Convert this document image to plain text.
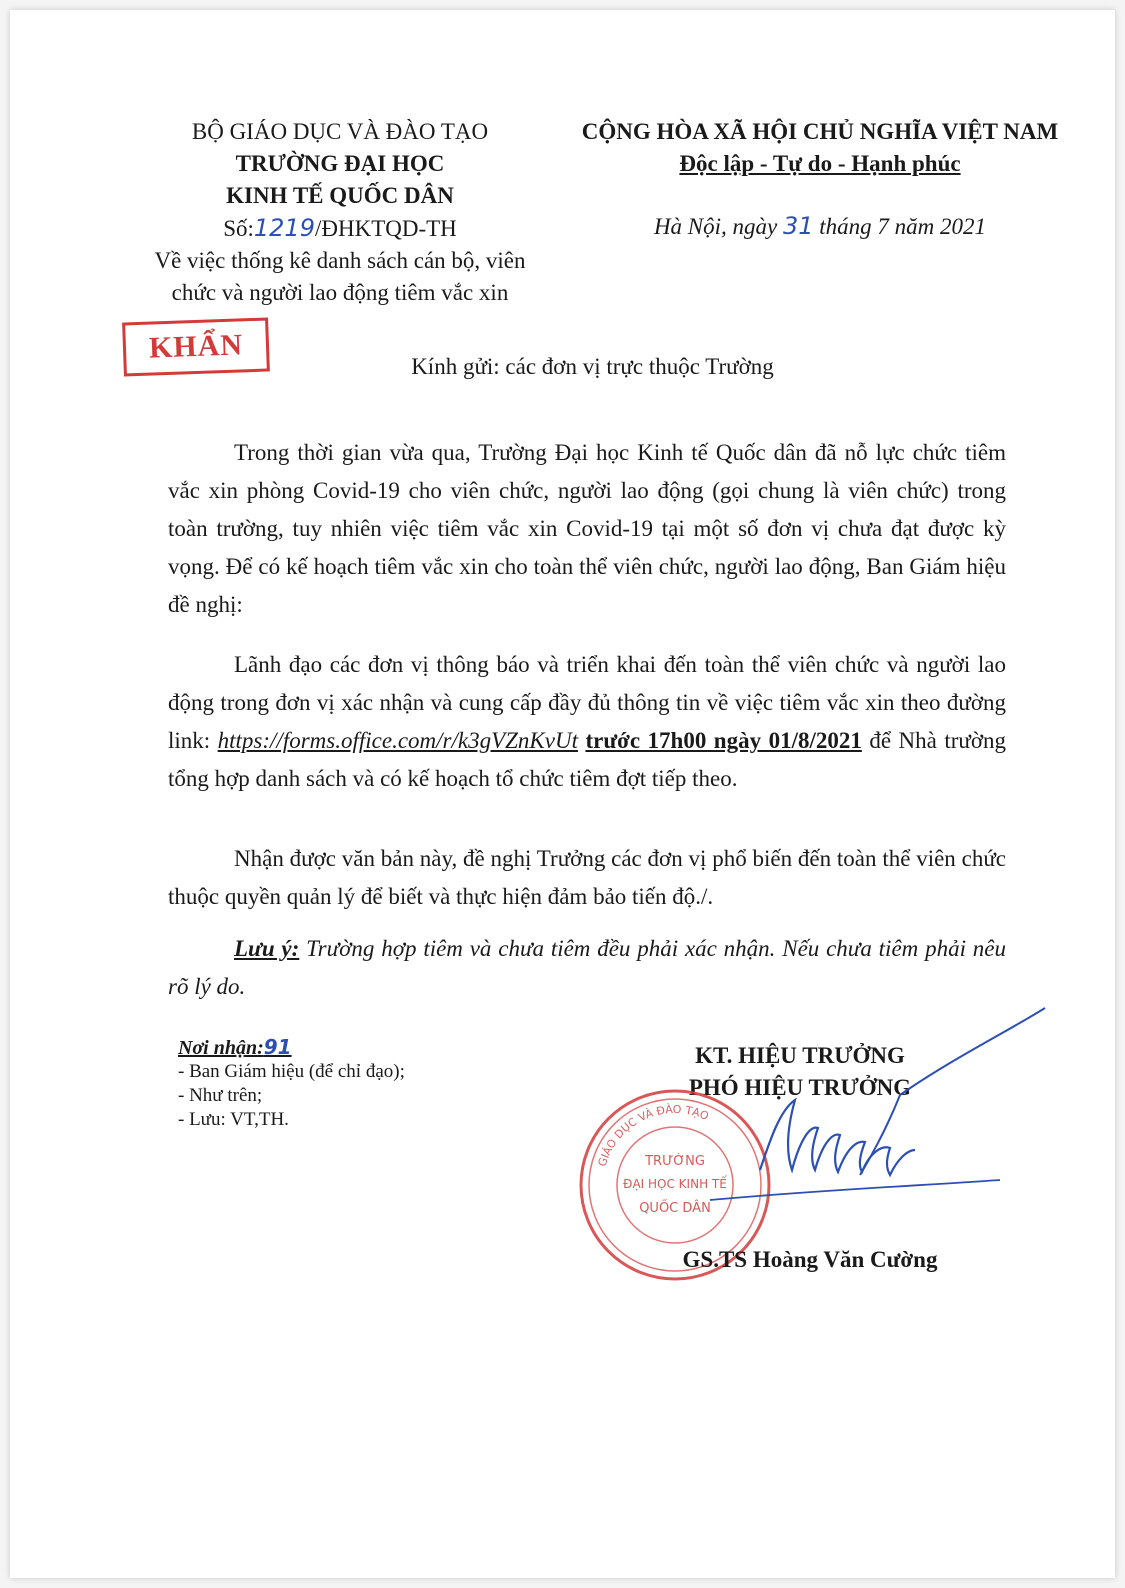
BỘ GIÁO DỤC VÀ ĐÀO TẠO
TRƯỜNG ĐẠI HỌC
KINH TẾ QUỐC DÂN
Số:1219/ĐHKTQD-TH
Về việc thống kê danh sách cán bộ, viên
chức và người lao động tiêm vắc xin
CỘNG HÒA XÃ HỘI CHỦ NGHĨA VIỆT NAM
Độc lập - Tự do - Hạnh phúc
Hà Nội, ngày 31 tháng 7 năm 2021
KHẨN
Kính gửi: các đơn vị trực thuộc Trường
Trong thời gian vừa qua, Trường Đại học Kinh tế Quốc dân đã nỗ lực chức tiêm vắc xin phòng Covid-19 cho viên chức, người lao động (gọi chung là viên chức) trong toàn trường, tuy nhiên việc tiêm vắc xin Covid-19 tại một số đơn vị chưa đạt được kỳ vọng. Để có kế hoạch tiêm vắc xin cho toàn thể viên chức, người lao động, Ban Giám hiệu đề nghị:
Lãnh đạo các đơn vị thông báo và triển khai đến toàn thể viên chức và người lao động trong đơn vị xác nhận và cung cấp đầy đủ thông tin về việc tiêm vắc xin theo đường link: https://forms.office.com/r/k3gVZnKvUt trước 17h00 ngày 01/8/2021 để Nhà trường tổng hợp danh sách và có kế hoạch tổ chức tiêm đợt tiếp theo.
Nhận được văn bản này, đề nghị Trưởng các đơn vị phổ biến đến toàn thể viên chức thuộc quyền quản lý để biết và thực hiện đảm bảo tiến độ./.
Lưu ý: Trường hợp tiêm và chưa tiêm đều phải xác nhận. Nếu chưa tiêm phải nêu rõ lý do.
Nơi nhận:91
- Ban Giám hiệu (để chỉ đạo);
- Như trên;
- Lưu: VT,TH.
KT. HIỆU TRƯỞNG
PHÓ HIỆU TRƯỞNG
GIÁO DỤC VÀ ĐÀO TẠO
TRƯỜNG
ĐẠI HỌC KINH TẾ
QUỐC DÂN
GS.TS Hoàng Văn Cường
